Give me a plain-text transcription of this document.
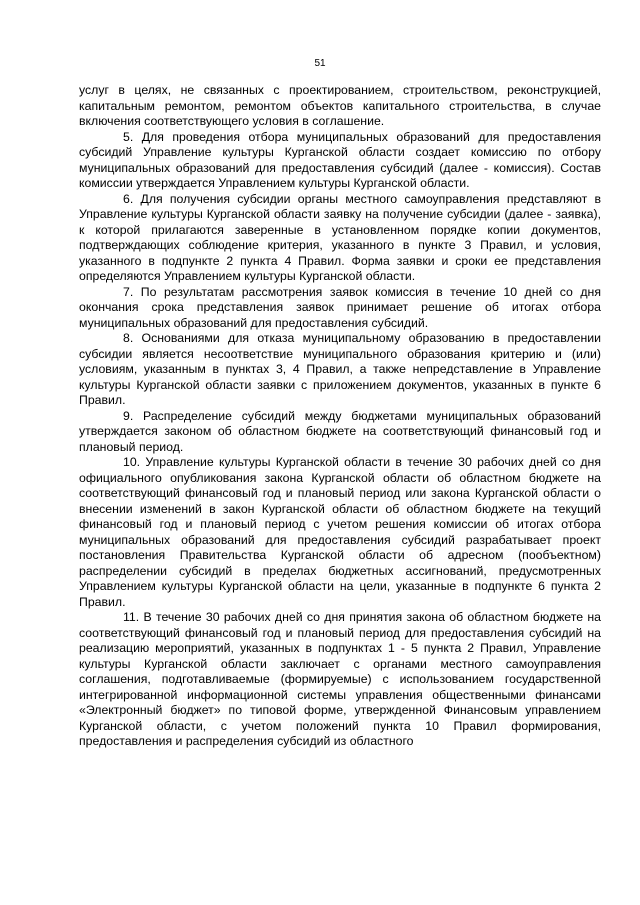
51

услуг в целях, не связанных с проектированием, строительством, реконструкцией, капитальным ремонтом, ремонтом объектов капитального строительства, в случае включения соответствующего условия в соглашение.

5. Для проведения отбора муниципальных образований для предоставления субсидий Управление культуры Курганской области создает комиссию по отбору муниципальных образований для предоставления субсидий (далее - комиссия). Состав комиссии утверждается Управлением культуры Курганской области.

6. Для получения субсидии органы местного самоуправления представляют в Управление культуры Курганской области заявку на получение субсидии (далее - заявка), к которой прилагаются заверенные в установленном порядке копии документов, подтверждающих соблюдение критерия, указанного в пункте 3 Правил, и условия, указанного в подпункте 2 пункта 4 Правил. Форма заявки и сроки ее представления определяются Управлением культуры Курганской области.

7. По результатам рассмотрения заявок комиссия в течение 10 дней со дня окончания срока представления заявок принимает решение об итогах отбора муниципальных образований для предоставления субсидий.

8. Основаниями для отказа муниципальному образованию в предоставлении субсидии является несоответствие муниципального образования критерию и (или) условиям, указанным в пунктах 3, 4 Правил, а также непредставление в Управление культуры Курганской области заявки с приложением документов, указанных в пункте 6 Правил.

9. Распределение субсидий между бюджетами муниципальных образований утверждается законом об областном бюджете на соответствующий финансовый год и плановый период.

10. Управление культуры Курганской области в течение 30 рабочих дней со дня официального опубликования закона Курганской области об областном бюджете на соответствующий финансовый год и плановый период или закона Курганской области о внесении изменений в закон Курганской области об областном бюджете на текущий финансовый год и плановый период с учетом решения комиссии об итогах отбора муниципальных образований для предоставления субсидий разрабатывает проект постановления Правительства Курганской области об адресном (пообъектном) распределении субсидий в пределах бюджетных ассигнований, предусмотренных Управлением культуры Курганской области на цели, указанные в подпункте 6 пункта 2 Правил.

11. В течение 30 рабочих дней со дня принятия закона об областном бюджете на соответствующий финансовый год и плановый период для предоставления субсидий на реализацию мероприятий, указанных в подпунктах 1 - 5 пункта 2 Правил, Управление культуры Курганской области заключает с органами местного самоуправления соглашения, подготавливаемые (формируемые) с использованием государственной интегрированной информационной системы управления общественными финансами «Электронный бюджет» по типовой форме, утвержденной Финансовым управлением Курганской области, с учетом положений пункта 10 Правил формирования, предоставления и распределения субсидий из областного
